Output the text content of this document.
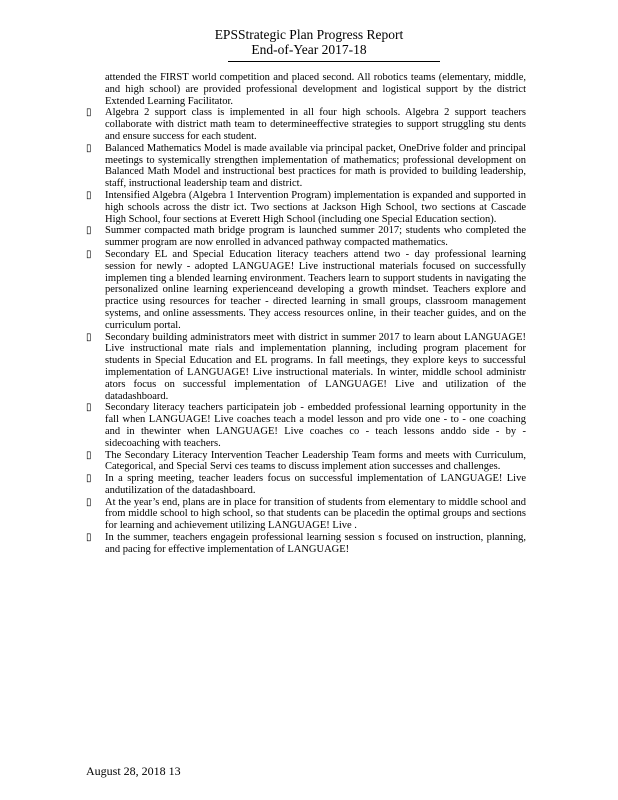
EPSStrategic Plan Progress Report
End-of-Year 2017-18
attended the FIRST world competition and placed second. All robotics teams (elementary, middle, and high school) are provided professional development and logistical support by the district Extended Learning Facilitator.
▯ Algebra 2 support class is implemented in all four high schools. Algebra 2 support teachers collaborate with district math team to determineeffective strategies to support struggling stu dents and ensure success for each student.
▯ Balanced Mathematics Model is made available via principal packet, OneDrive folder and principal meetings to systemically strengthen implementation of mathematics; professional development on Balanced Math Model and instructional best practices for math is provided to building leadership, staff, instructional leadership team and district.
▯ Intensified Algebra (Algebra 1 Intervention Program) implementation is expanded and supported in high schools across the distr ict. Two sections at Jackson High School, two sections at Cascade High School, four sections at Everett High School (including one Special Education section).
▯ Summer compacted math bridge program is launched summer 2017; students who completed the summer program are now enrolled in advanced pathway compacted mathematics.
▯ Secondary EL and Special Education literacy teachers attend two - day professional learning session for newly - adopted LANGUAGE! Live instructional materials focused on successfully implemen ting a blended learning environment. Teachers learn to support students in navigating the personalized online learning experienceand developing a growth mindset. Teachers explore and practice using resources for teacher - directed learning in small groups, classroom management systems, and online assessments. They access resources online, in their teacher guides, and on the curriculum portal.
▯ Secondary building administrators meet with district in summer 2017 to learn about LANGUAGE! Live instructional mate rials and implementation planning, including program placement for students in Special Education and EL programs. In fall meetings, they explore keys to successful implementation of LANGUAGE! Live instructional materials. In winter, middle school administr ators focus on successful implementation of LANGUAGE! Live and utilization of the datadashboard.
▯ Secondary literacy teachers participatein job - embedded professional learning opportunity in the fall when LANGUAGE! Live coaches teach a model lesson and pro vide one - to - one coaching and in thewinter when LANGUAGE! Live coaches co - teach lessons anddo side - by - sidecoaching with teachers.
▯ The Secondary Literacy Intervention Teacher Leadership Team forms and meets with Curriculum, Categorical, and Special Servi ces teams to discuss implement ation successes and challenges.
▯ In a spring meeting, teacher leaders focus on successful implementation of LANGUAGE! Live andutilization of the datadashboard.
▯ At the year’s end, plans are in place for transition of students from elementary to middle school and from middle school to high school, so that students can be placedin the optimal groups and sections for learning and achievement utilizing LANGUAGE! Live .
▯ In the summer, teachers engagein professional learning session s focused on instruction, planning, and pacing for effective implementation of LANGUAGE!
August 28, 2018 13
